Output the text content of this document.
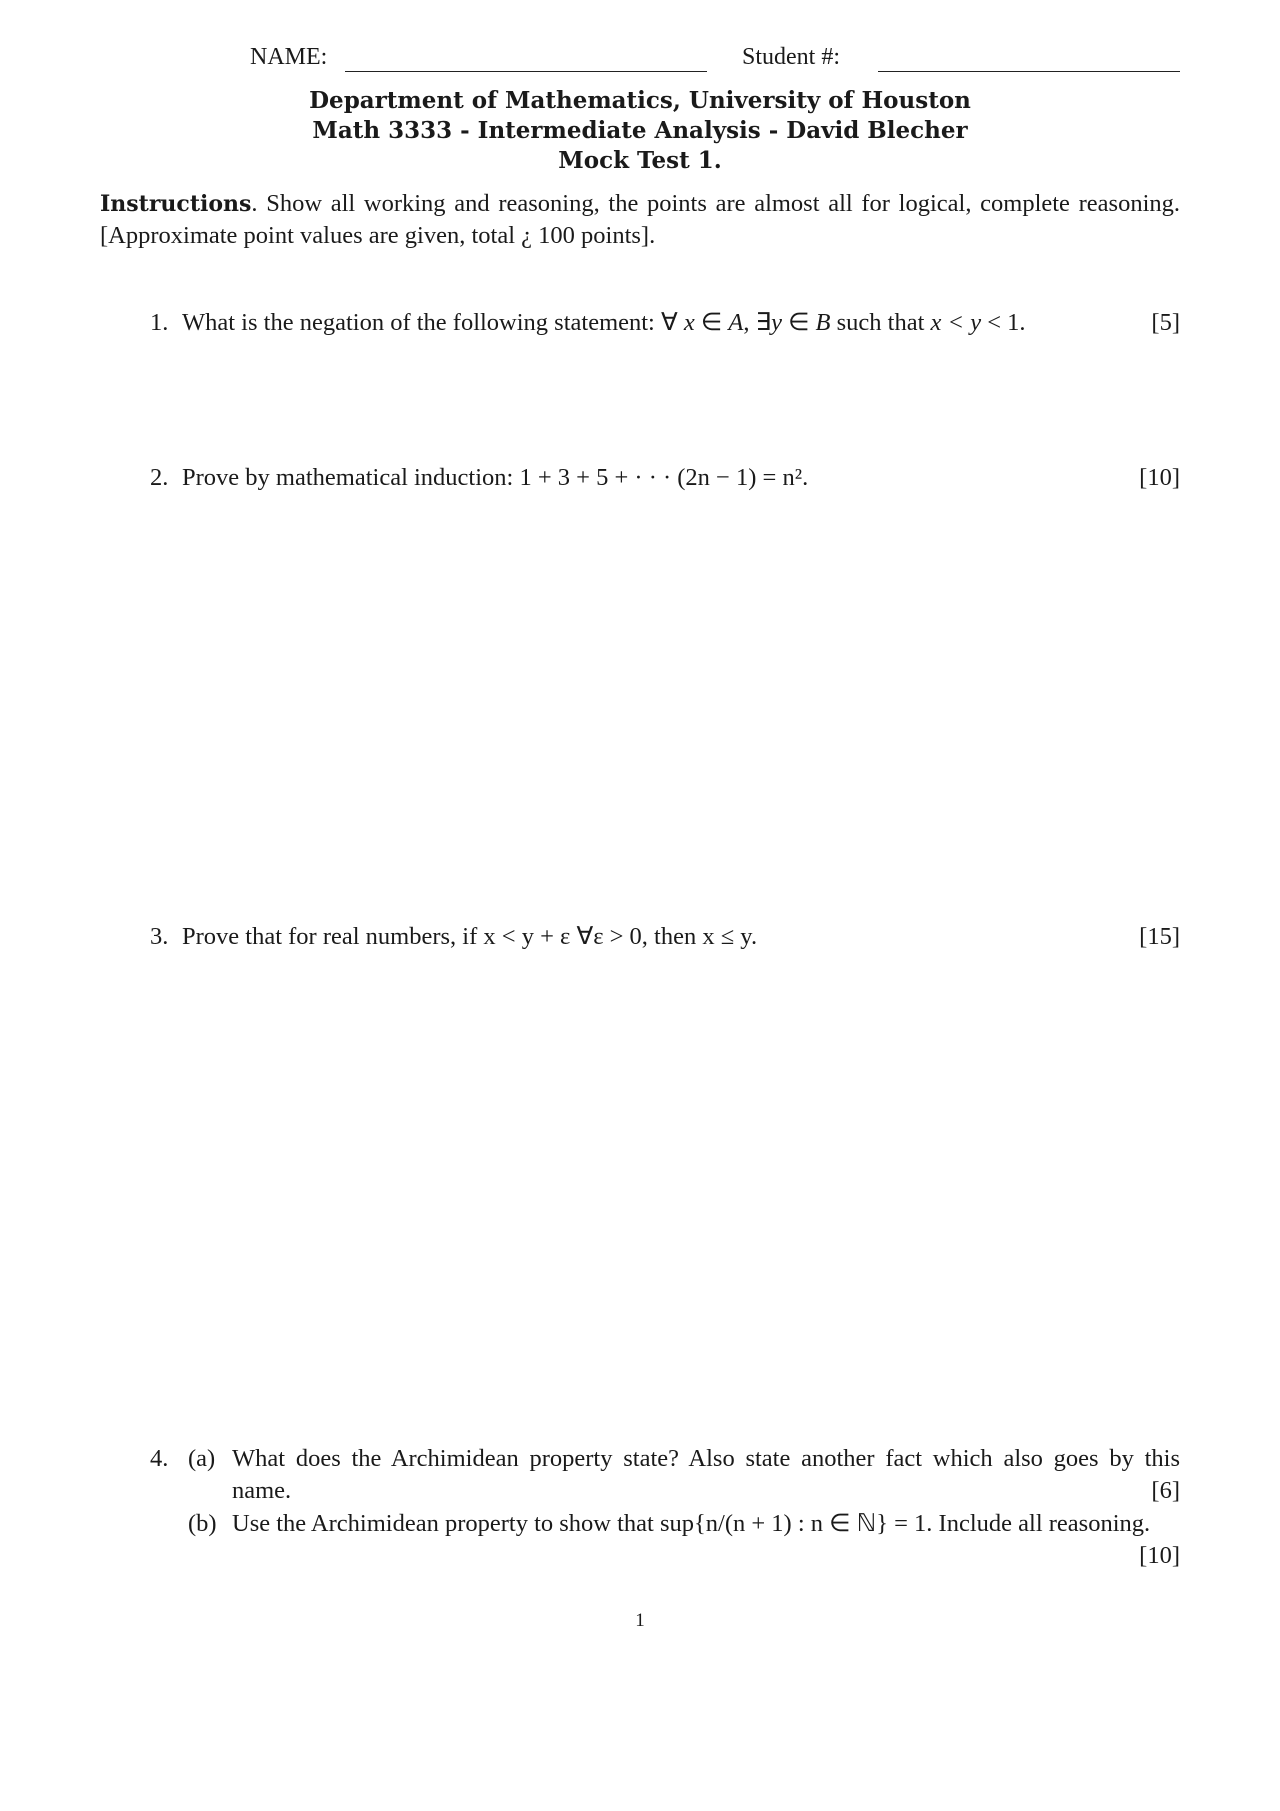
NAME:	Student #:
Department of Mathematics, University of Houston
Math 3333 - Intermediate Analysis - David Blecher
Mock Test 1.
Instructions. Show all working and reasoning, the points are almost all for logical, complete reasoning. [Approximate point values are given, total ¿ 100 points].
1. What is the negation of the following statement: ∀ x ∈ A, ∃y ∈ B such that x < y < 1.	[5]
2. Prove by mathematical induction: 1 + 3 + 5 + · · · (2n − 1) = n².	[10]
3. Prove that for real numbers, if x < y + ε ∀ε > 0, then x ≤ y.	[15]
4. (a) What does the Archimidean property state? Also state another fact which also goes by this name.	[6]
(b) Use the Archimidean property to show that sup{n/(n + 1) : n ∈ ℕ} = 1. Include all reasoning.
[10]
1
